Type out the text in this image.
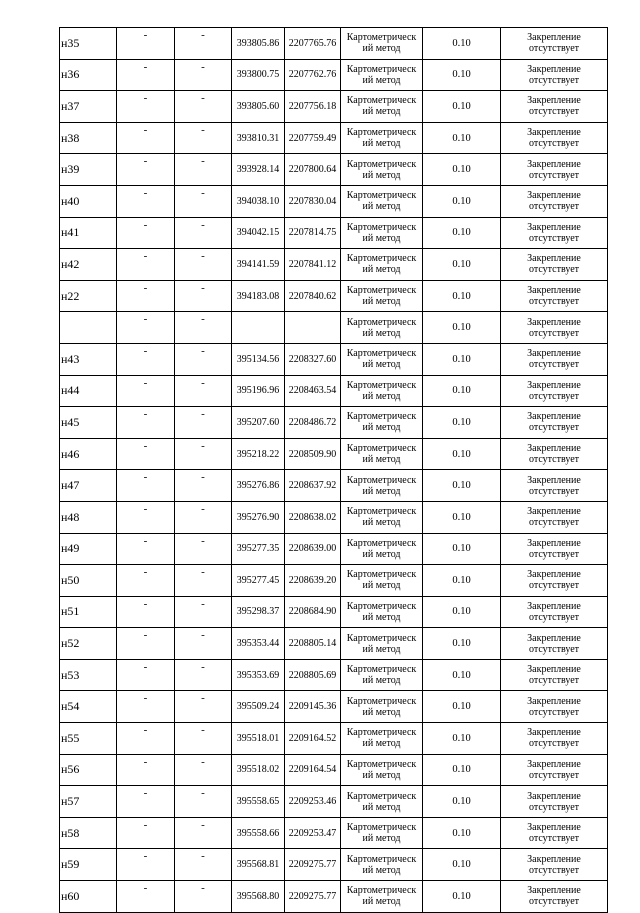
н35	-	-	393805.86	2207765.76	Картометрическ
ий метод	0.10	Закрепление
отсутствует
н36	-	-	393800.75	2207762.76	Картометрическ
ий метод	0.10	Закрепление
отсутствует
н37	-	-	393805.60	2207756.18	Картометрическ
ий метод	0.10	Закрепление
отсутствует
н38	-	-	393810.31	2207759.49	Картометрическ
ий метод	0.10	Закрепление
отсутствует
н39	-	-	393928.14	2207800.64	Картометрическ
ий метод	0.10	Закрепление
отсутствует
н40	-	-	394038.10	2207830.04	Картометрическ
ий метод	0.10	Закрепление
отсутствует
н41	-	-	394042.15	2207814.75	Картометрическ
ий метод	0.10	Закрепление
отсутствует
н42	-	-	394141.59	2207841.12	Картометрическ
ий метод	0.10	Закрепление
отсутствует
н22	-	-	394183.08	2207840.62	Картометрическ
ий метод	0.10	Закрепление
отсутствует
	-	-			Картометрическ
ий метод	0.10	Закрепление
отсутствует
н43	-	-	395134.56	2208327.60	Картометрическ
ий метод	0.10	Закрепление
отсутствует
н44	-	-	395196.96	2208463.54	Картометрическ
ий метод	0.10	Закрепление
отсутствует
н45	-	-	395207.60	2208486.72	Картометрическ
ий метод	0.10	Закрепление
отсутствует
н46	-	-	395218.22	2208509.90	Картометрическ
ий метод	0.10	Закрепление
отсутствует
н47	-	-	395276.86	2208637.92	Картометрическ
ий метод	0.10	Закрепление
отсутствует
н48	-	-	395276.90	2208638.02	Картометрическ
ий метод	0.10	Закрепление
отсутствует
н49	-	-	395277.35	2208639.00	Картометрическ
ий метод	0.10	Закрепление
отсутствует
н50	-	-	395277.45	2208639.20	Картометрическ
ий метод	0.10	Закрепление
отсутствует
н51	-	-	395298.37	2208684.90	Картометрическ
ий метод	0.10	Закрепление
отсутствует
н52	-	-	395353.44	2208805.14	Картометрическ
ий метод	0.10	Закрепление
отсутствует
н53	-	-	395353.69	2208805.69	Картометрическ
ий метод	0.10	Закрепление
отсутствует
н54	-	-	395509.24	2209145.36	Картометрическ
ий метод	0.10	Закрепление
отсутствует
н55	-	-	395518.01	2209164.52	Картометрическ
ий метод	0.10	Закрепление
отсутствует
н56	-	-	395518.02	2209164.54	Картометрическ
ий метод	0.10	Закрепление
отсутствует
н57	-	-	395558.65	2209253.46	Картометрическ
ий метод	0.10	Закрепление
отсутствует
н58	-	-	395558.66	2209253.47	Картометрическ
ий метод	0.10	Закрепление
отсутствует
н59	-	-	395568.81	2209275.77	Картометрическ
ий метод	0.10	Закрепление
отсутствует
н60	-	-	395568.80	2209275.77	Картометрическ
ий метод	0.10	Закрепление
отсутствует
